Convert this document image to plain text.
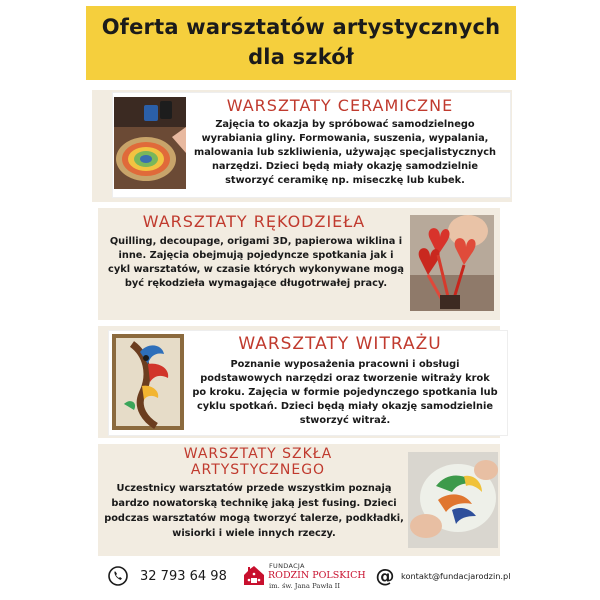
Oferta warsztatów artystycznych
dla szkół
WARSZTATY CERAMICZNE
Zajęcia to okazja by spróbować samodzielnego wyrabiania gliny. Formowania, suszenia, wypalania, malowania lub szkliwienia, używając specjalistycznych narzędzi. Dzieci będą miały okazję samodzielnie stworzyć ceramikę np. miseczkę lub kubek.
WARSZTATY RĘKODZIEŁA
Quilling, decoupage, origami 3D, papierowa wiklina i inne. Zajęcia obejmują pojedyncze spotkania jak i cykl warsztatów, w czasie których wykonywane mogą być rękodzieła wymagające długotrwałej pracy.
WARSZTATY WITRAŻU
Poznanie wyposażenia pracowni i obsługi podstawowych narzędzi oraz tworzenie witraży krok po kroku. Zajęcia w formie pojedynczego spotkania lub cyklu spotkań. Dzieci będą miały okazję samodzielnie stworzyć witraż.
WARSZTATY SZKŁA
ARTYSTYCZNEGO
Uczestnicy warsztatów przede wszystkim poznają bardzo nowatorską technikę jaką jest fusing. Dzieci podczas warsztatów mogą tworzyć talerze, podkładki, wisiorki i wiele innych rzeczy.
32 793 64 98
FUNDACJA
RODZIN POLSKICH
im. św. Jana Pawła II @ kontakt@fundacjarodzin.pl
